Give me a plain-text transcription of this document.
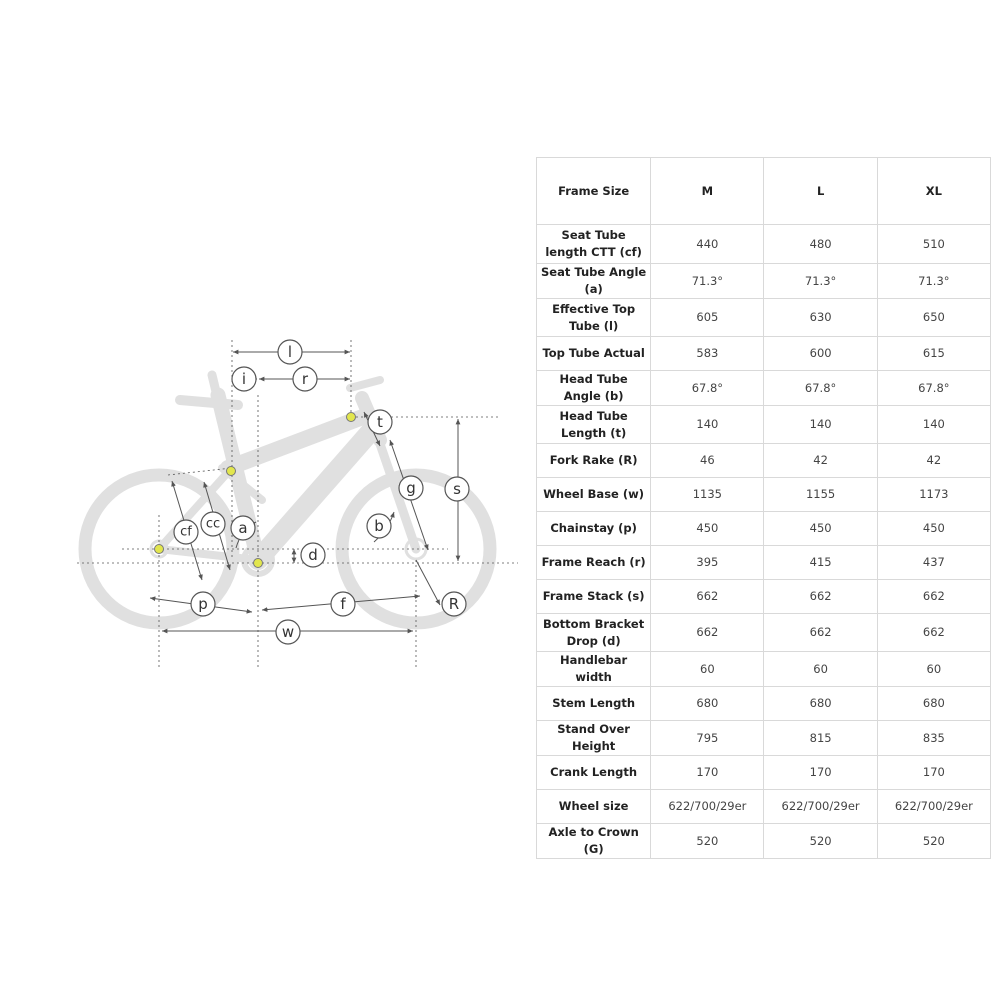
l
i	r
t
g s
cf
cc a	b
d
p	f	R
w
Frame Size	M	L	XL
Seat Tube length CTT (cf)	440	480	510
Seat Tube Angle (a)	71.3°	71.3°	71.3°
Effective Top Tube (l)	605	630	650
Top Tube Actual	583	600	615
Head Tube Angle (b)	67.8°	67.8°	67.8°
Head Tube Length (t)	140	140	140
Fork Rake (R)	46	42	42
Wheel Base (w)	1135	1155	1173
Chainstay (p)	450	450	450
Frame Reach (r)	395	415	437
Frame Stack (s)	662	662	662
Bottom Bracket Drop (d)	662	662	662
Handlebar width	60	60	60
Stem Length	680	680	680
Stand Over Height	795	815	835
Crank Length	170	170	170
Wheel size	622/700/29er	622/700/29er	622/700/29er
Axle to Crown (G)	520	520	520
